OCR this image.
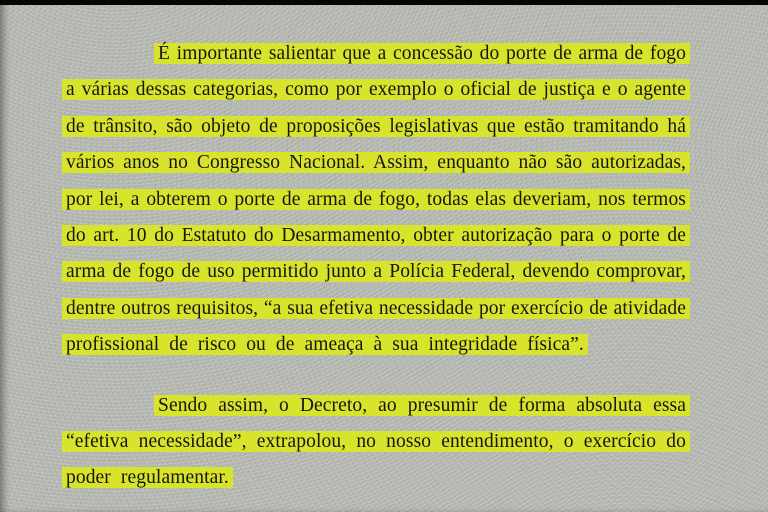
É importante salientar que a concessão do porte de arma de fogo
a várias dessas categorias, como por exemplo o oficial de justiça e o agente
de trânsito, são objeto de proposições legislativas que estão tramitando há
vários anos no Congresso Nacional. Assim, enquanto não são autorizadas,
por lei, a obterem o porte de arma de fogo, todas elas deveriam, nos termos
do art. 10 do Estatuto do Desarmamento, obter autorização para o porte de
arma de fogo de uso permitido junto a Polícia Federal, devendo comprovar,
dentre outros requisitos, “a sua efetiva necessidade por exercício de atividade
profissional de risco ou de ameaça à sua integridade física”.
Sendo assim, o Decreto, ao presumir de forma absoluta essa
“efetiva necessidade”, extrapolou, no nosso entendimento, o exercício do
poder regulamentar.
